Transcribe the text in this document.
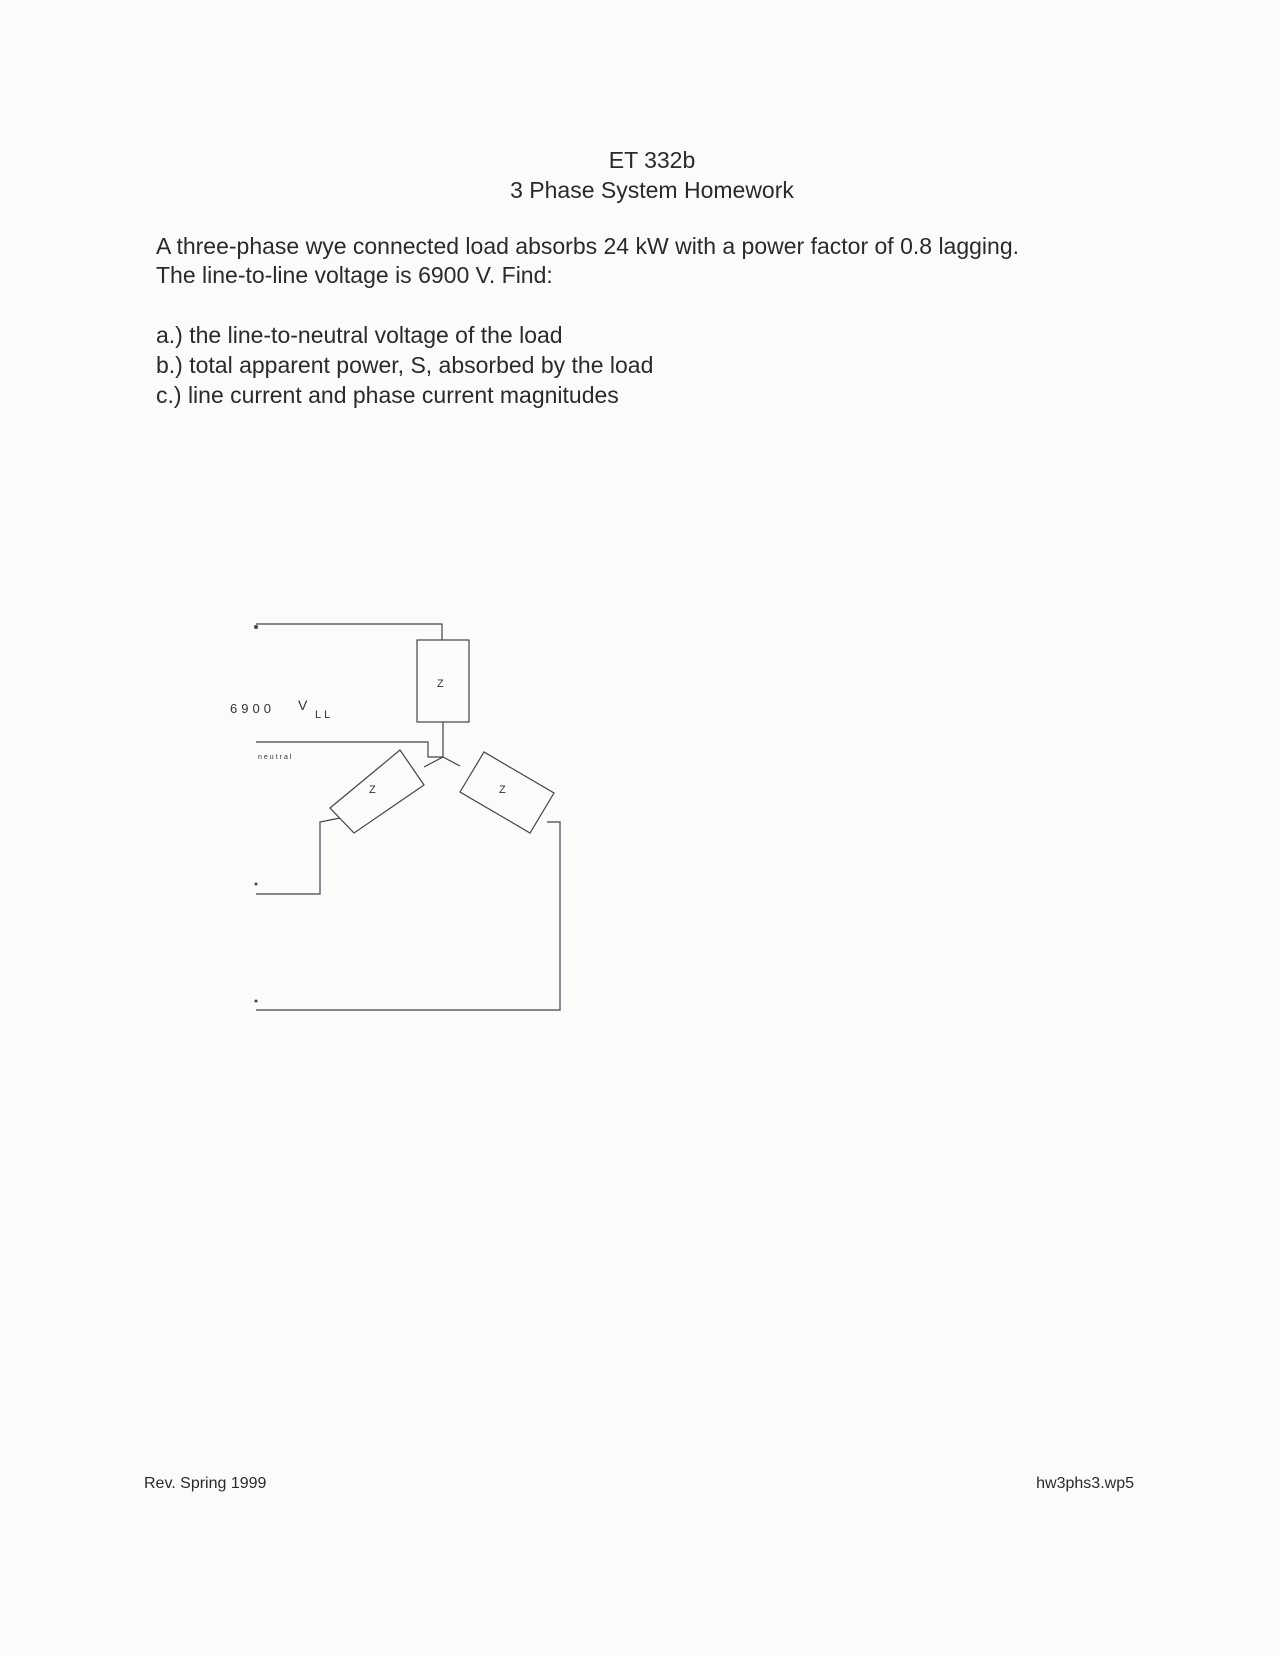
ET 332b
3 Phase System Homework

A three-phase wye connected load absorbs 24 kW with a power factor of 0.8 lagging.

The line-to-line voltage is 6900 V. Find:

a.) the line-to-neutral voltage of the load
b.) total apparent power, S, absorbed by the load
c.) line current and phase current magnitudes
6900 V
LL
neutral
Z
Z	Z
Rev. Spring 1999	hw3phs3.wp5
